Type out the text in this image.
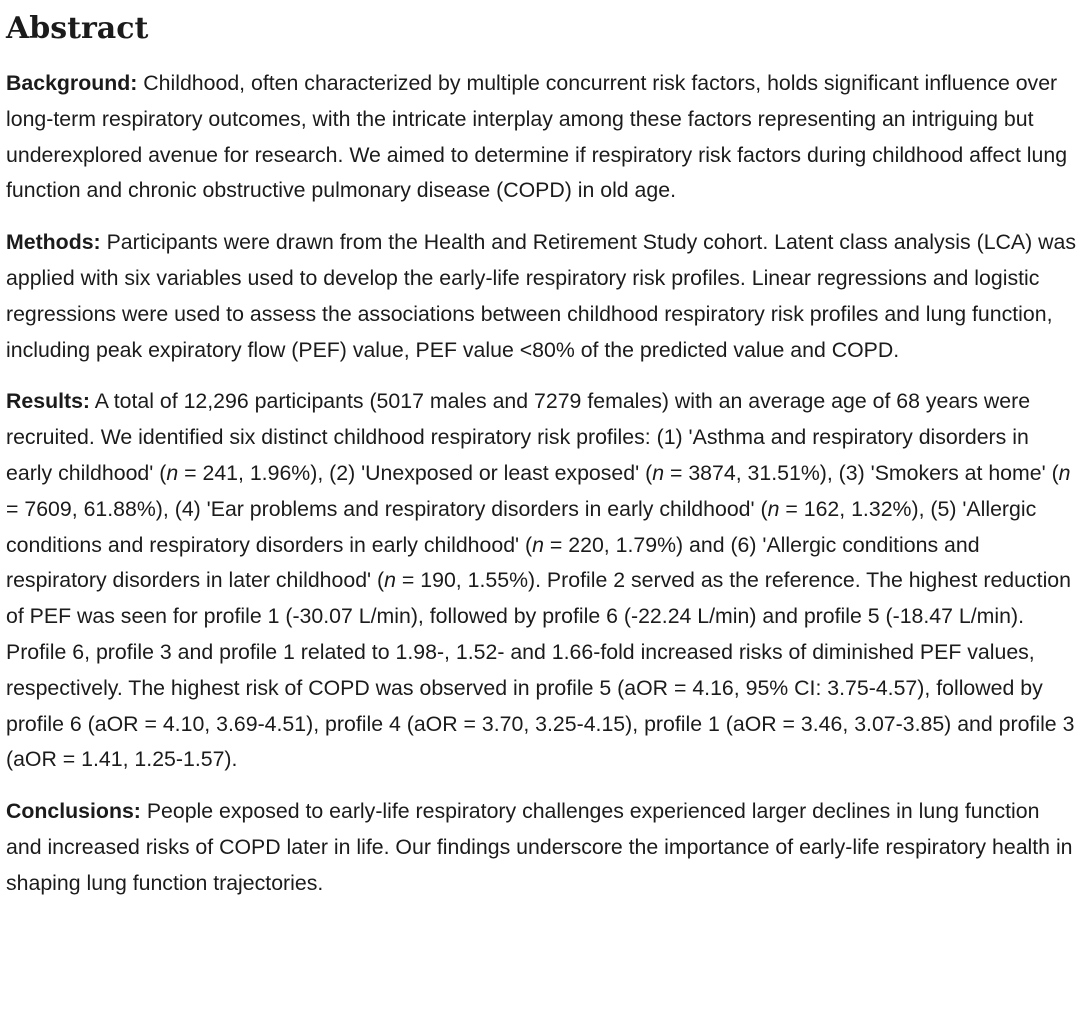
Abstract

Background: Childhood, often characterized by multiple concurrent risk factors, holds significant influence over long-term respiratory outcomes, with the intricate interplay among these factors representing an intriguing but underexplored avenue for research. We aimed to determine if respiratory risk factors during childhood affect lung function and chronic obstructive pulmonary disease (COPD) in old age.

Methods: Participants were drawn from the Health and Retirement Study cohort. Latent class analysis (LCA) was applied with six variables used to develop the early-life respiratory risk profiles. Linear regressions and logistic regressions were used to assess the associations between childhood respiratory risk profiles and lung function, including peak expiratory flow (PEF) value, PEF value <80% of the predicted value and COPD.

Results: A total of 12,296 participants (5017 males and 7279 females) with an average age of 68 years were recruited. We identified six distinct childhood respiratory risk profiles: (1) 'Asthma and respiratory disorders in early childhood' (n = 241, 1.96%), (2) 'Unexposed or least exposed' (n = 3874, 31.51%), (3) 'Smokers at home' (n = 7609, 61.88%), (4) 'Ear problems and respiratory disorders in early childhood' (n = 162, 1.32%), (5) 'Allergic conditions and respiratory disorders in early childhood' (n = 220, 1.79%) and (6) 'Allergic conditions and respiratory disorders in later childhood' (n = 190, 1.55%). Profile 2 served as the reference. The highest reduction of PEF was seen for profile 1 (-30.07 L/min), followed by profile 6 (-22.24 L/min) and profile 5 (-18.47 L/min). Profile 6, profile 3 and profile 1 related to 1.98-, 1.52- and 1.66-fold increased risks of diminished PEF values, respectively. The highest risk of COPD was observed in profile 5 (aOR = 4.16, 95% CI: 3.75-4.57), followed by profile 6 (aOR = 4.10, 3.69-4.51), profile 4 (aOR = 3.70, 3.25-4.15), profile 1 (aOR = 3.46, 3.07-3.85) and profile 3 (aOR = 1.41, 1.25-1.57).

Conclusions: People exposed to early-life respiratory challenges experienced larger declines in lung function and increased risks of COPD later in life. Our findings underscore the importance of early-life respiratory health in shaping lung function trajectories.
